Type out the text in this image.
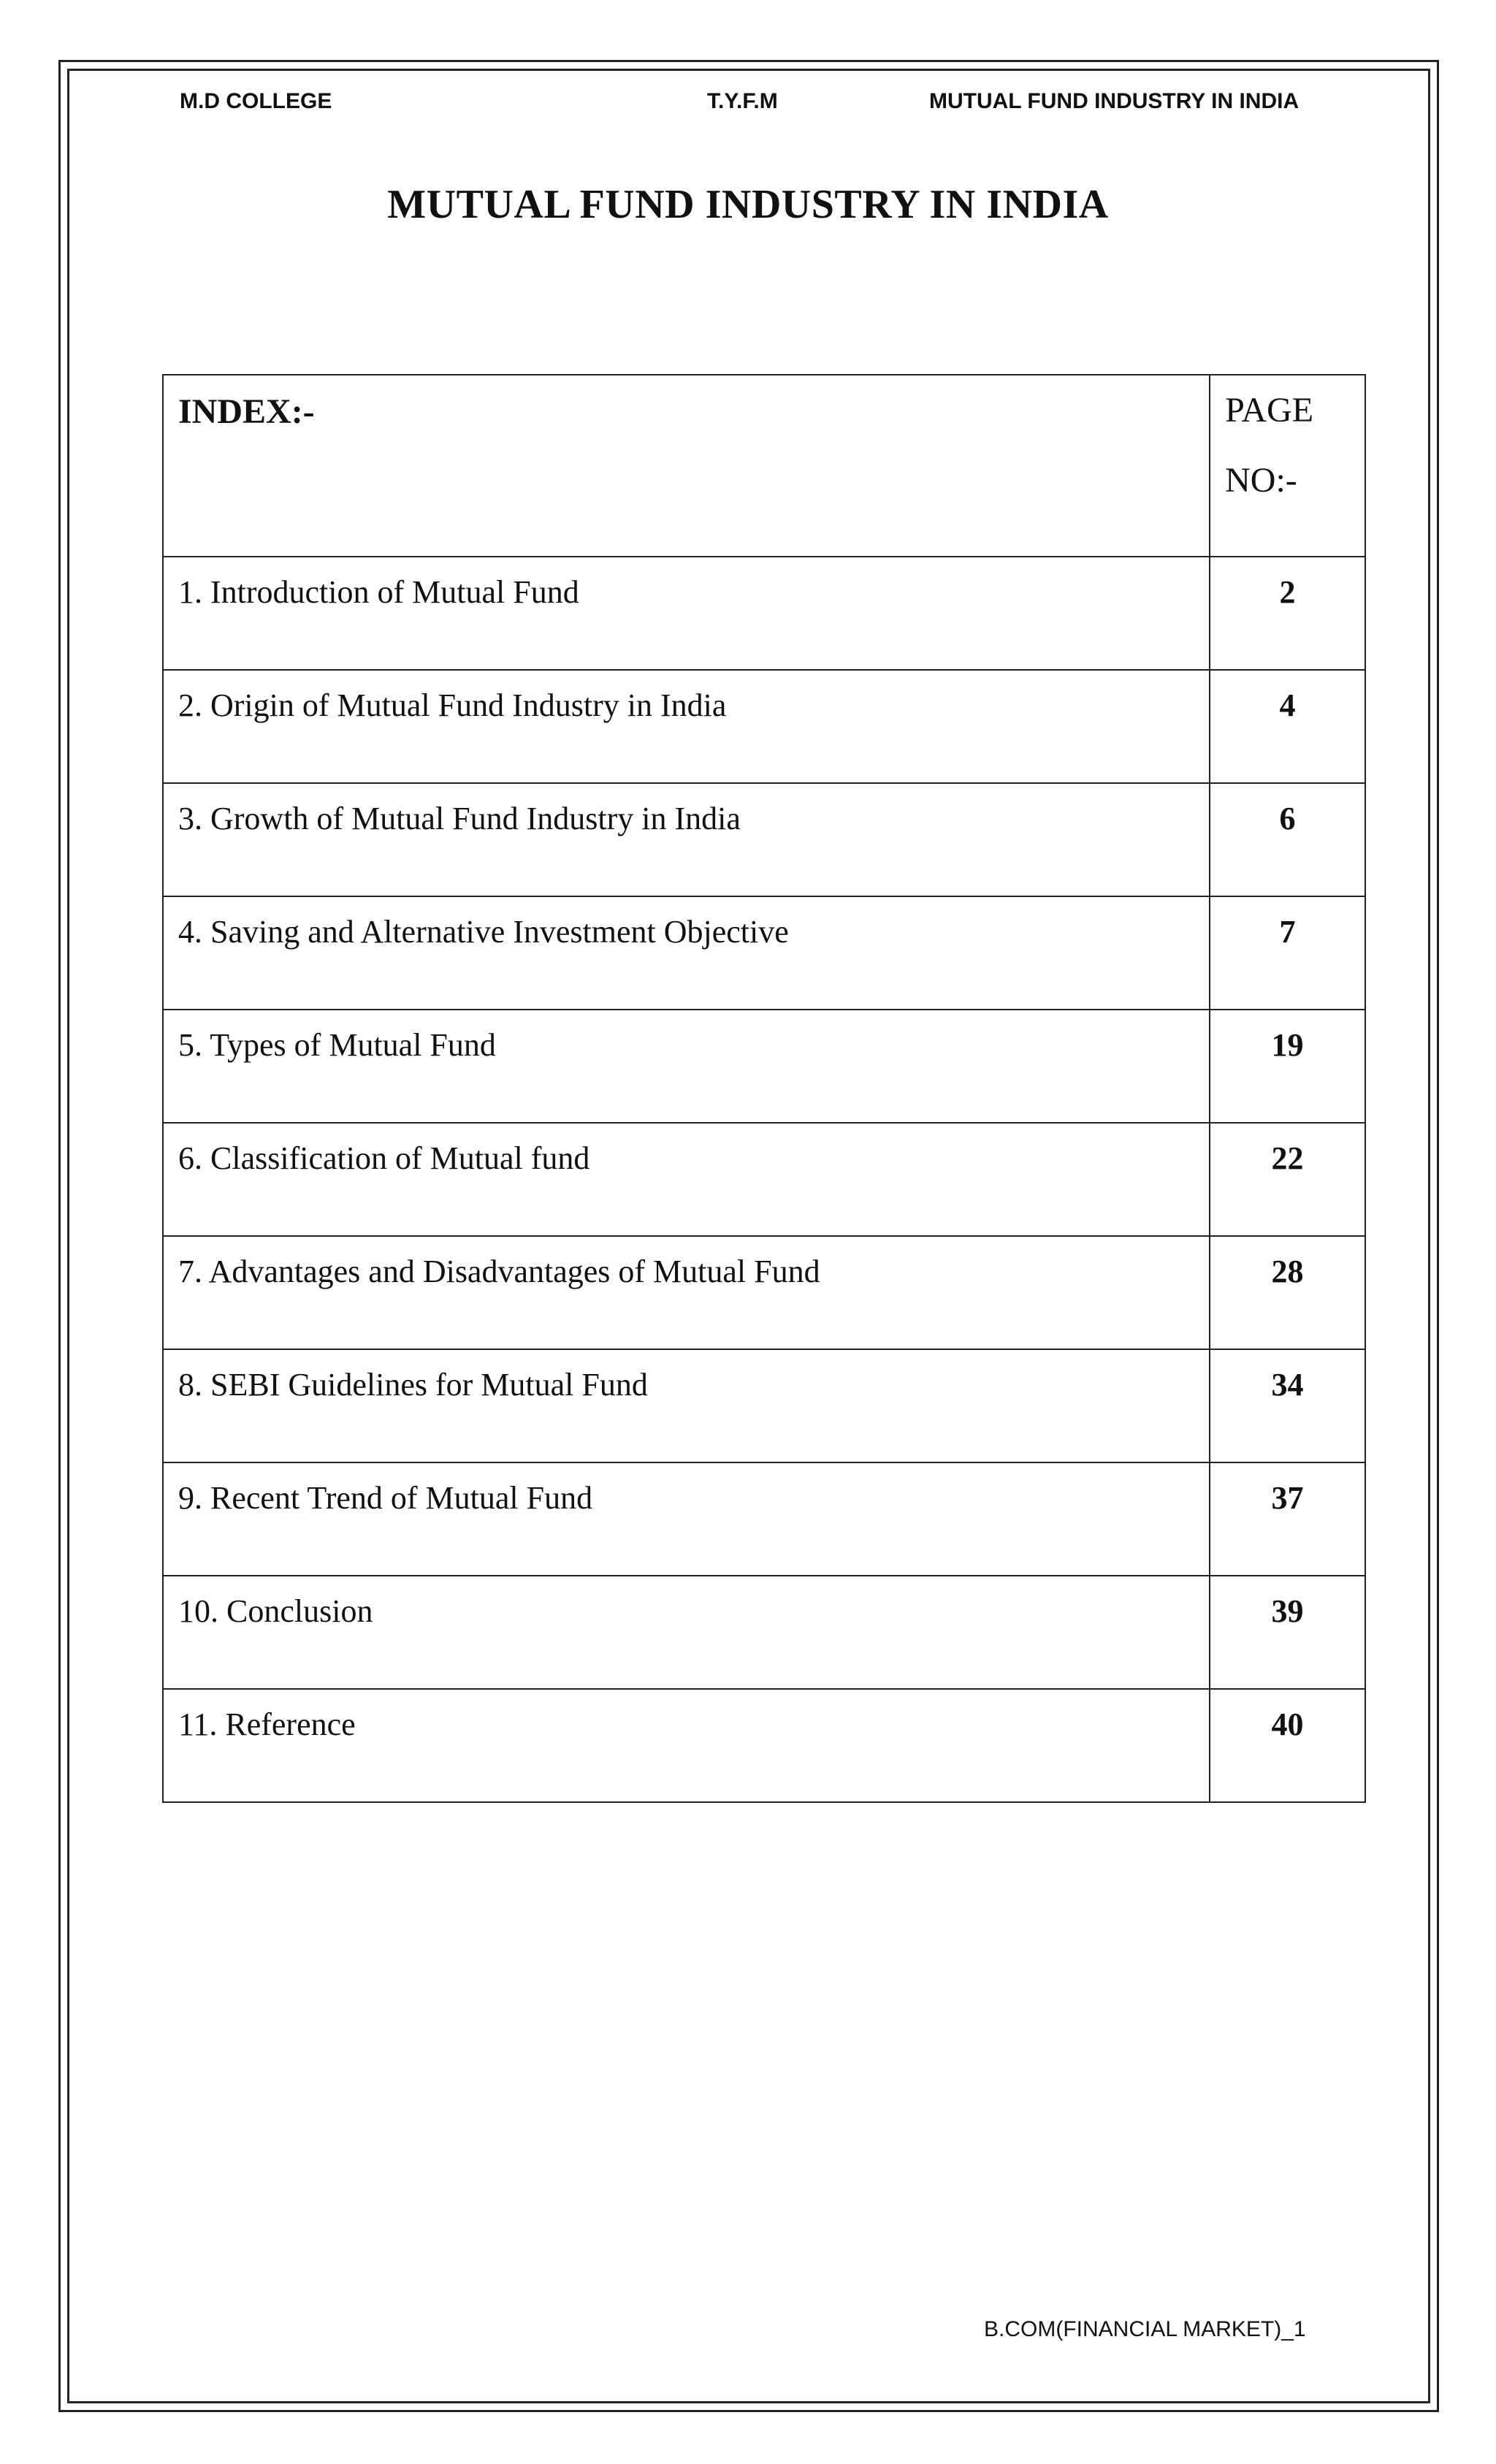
M.D COLLEGE	T.Y.F.M	MUTUAL FUND INDUSTRY IN INDIA
MUTUAL FUND INDUSTRY IN INDIA
INDEX:-	PAGE
NO:-

1. Introduction of Mutual Fund	2
2. Origin of Mutual Fund Industry in India	4
3. Growth of Mutual Fund Industry in India	6
4. Saving and Alternative Investment Objective	7
5. Types of Mutual Fund	19
6. Classification of Mutual fund	22
7. Advantages and Disadvantages of Mutual Fund	28
8. SEBI Guidelines for Mutual Fund	34
9. Recent Trend of Mutual Fund	37
10. Conclusion	39
11. Reference	40
B.COM(FINANCIAL MARKET)_1
